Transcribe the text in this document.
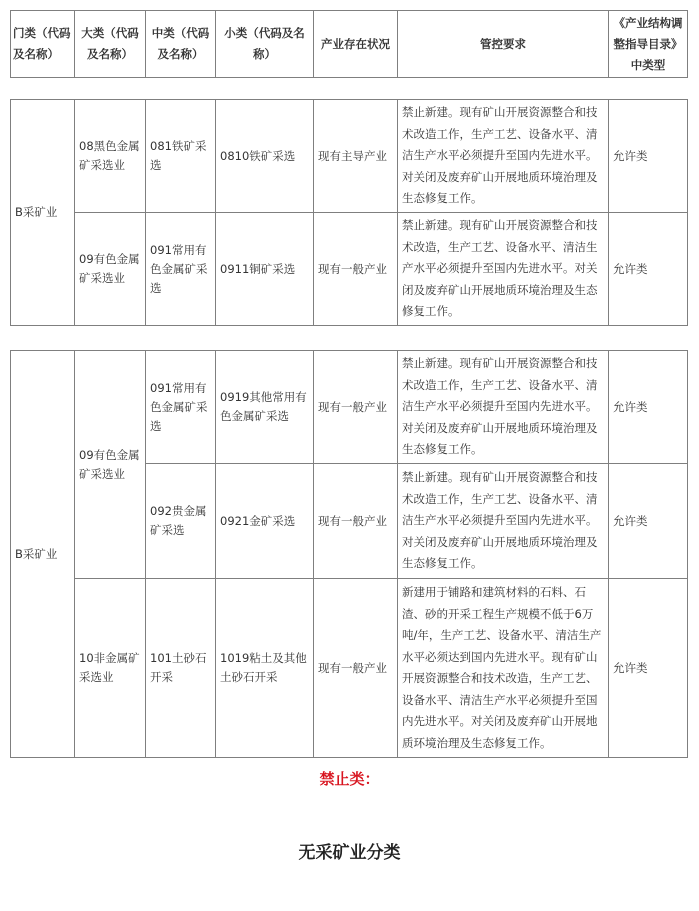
门类（代码及名称）	大类（代码及名称）	中类（代码及名称）	小类（代码及名称）	产业存在状况	管控要求	《产业结构调整指导目录》中类型
B采矿业	08黑色金属矿采选业	081铁矿采选	0810铁矿采选	现有主导产业	禁止新建。现有矿山开展资源整合和技术改造工作，生产工艺、设备水平、清洁生产水平必须提升至国内先进水平。对关闭及废弃矿山开展地质环境治理及生态修复工作。	允许类
	09有色金属矿采选业	091常用有色金属矿采选	0911铜矿采选	现有一般产业	禁止新建。现有矿山开展资源整合和技术改造，生产工艺、设备水平、清洁生产水平必须提升至国内先进水平。对关闭及废弃矿山开展地质环境治理及生态修复工作。	允许类
B采矿业	09有色金属矿采选业	091常用有色金属矿采选	0919其他常用有色金属矿采选	现有一般产业	禁止新建。现有矿山开展资源整合和技术改造工作，生产工艺、设备水平、清洁生产水平必须提升至国内先进水平。对关闭及废弃矿山开展地质环境治理及生态修复工作。	允许类
		092贵金属矿采选	0921金矿采选	现有一般产业	禁止新建。现有矿山开展资源整合和技术改造工作，生产工艺、设备水平、清洁生产水平必须提升至国内先进水平。对关闭及废弃矿山开展地质环境治理及生态修复工作。	允许类
	10非金属矿采选业	101土砂石开采	1019粘土及其他土砂石开采	现有一般产业	新建用于铺路和建筑材料的石料、石渣、砂的开采工程生产规模不低于6万吨/年，生产工艺、设备水平、清洁生产水平必须达到国内先进水平。现有矿山开展资源整合和技术改造，生产工艺、设备水平、清洁生产水平必须提升至国内先进水平。对关闭及废弃矿山开展地质环境治理及生态修复工作。	允许类
禁止类：
无采矿业分类
